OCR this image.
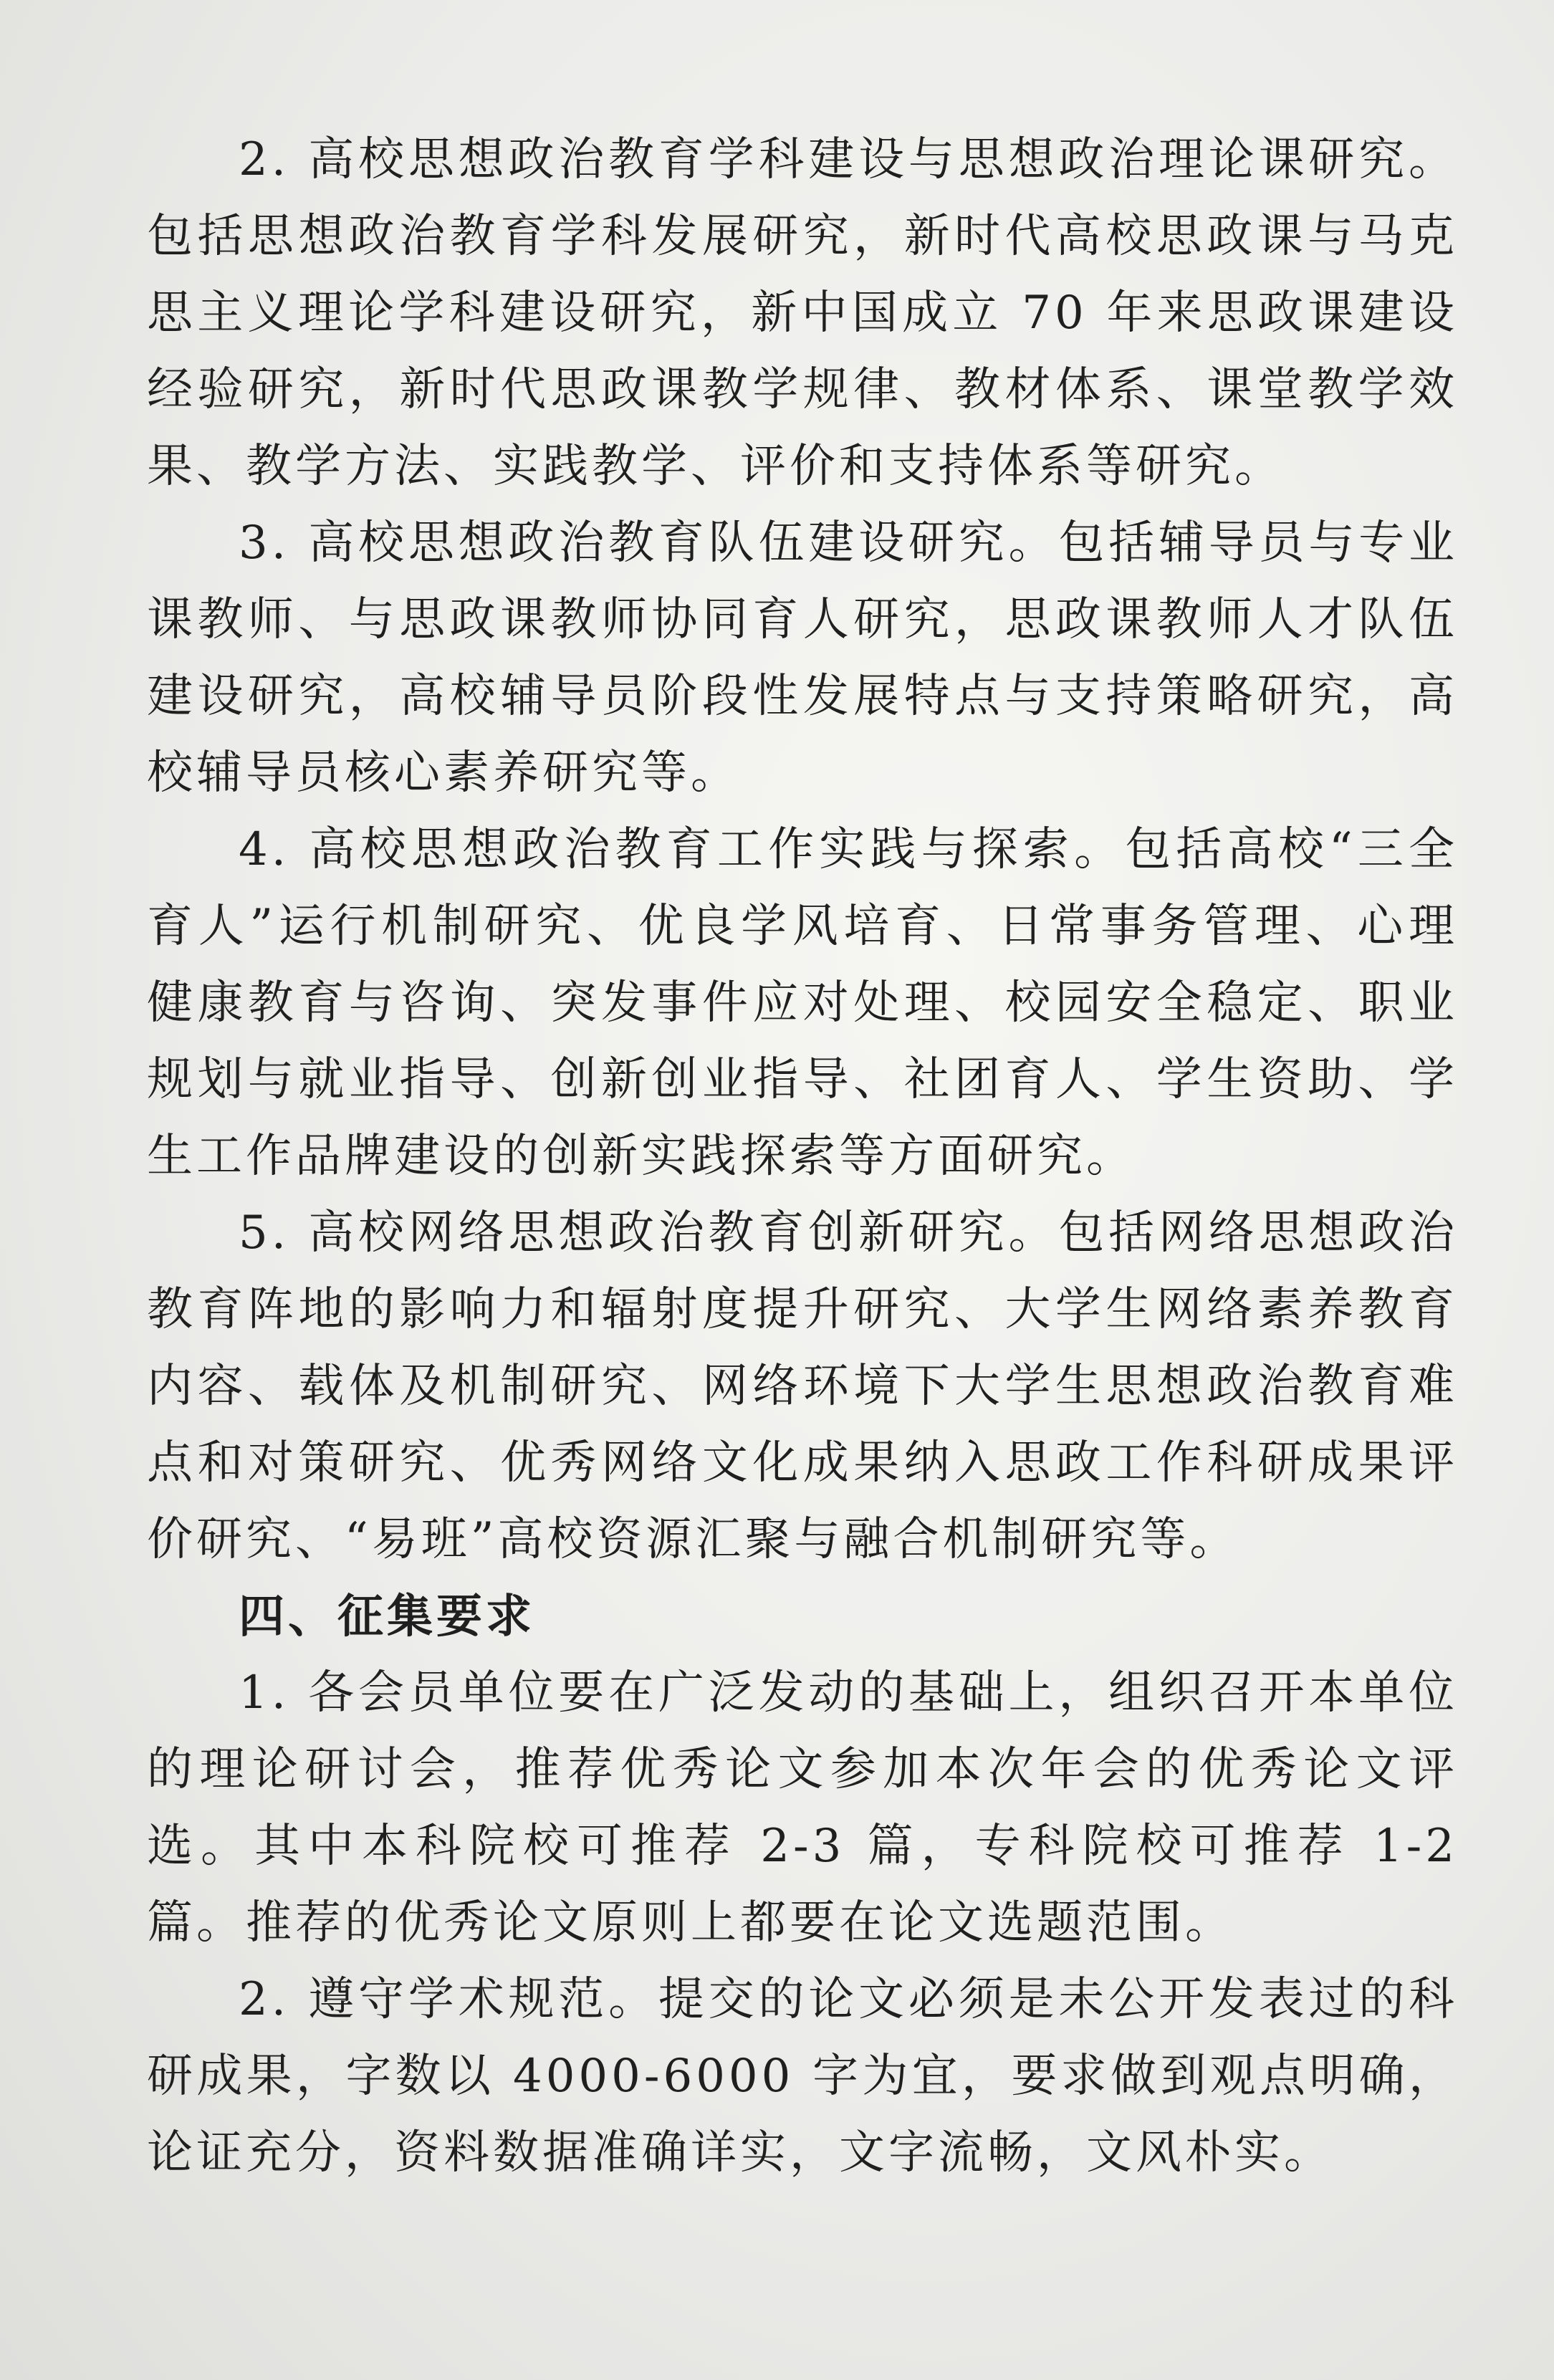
2. 高校思想政治教育学科建设与思想政治理论课研究。包括思想政治教育学科发展研究，新时代高校思政课与马克思主义理论学科建设研究，新中国成立 70 年来思政课建设经验研究，新时代思政课教学规律、教材体系、课堂教学效果、教学方法、实践教学、评价和支持体系等研究。

3. 高校思想政治教育队伍建设研究。包括辅导员与专业课教师、与思政课教师协同育人研究，思政课教师人才队伍建设研究，高校辅导员阶段性发展特点与支持策略研究，高校辅导员核心素养研究等。

4. 高校思想政治教育工作实践与探索。包括高校“三全育人”运行机制研究、优良学风培育、日常事务管理、心理健康教育与咨询、突发事件应对处理、校园安全稳定、职业规划与就业指导、创新创业指导、社团育人、学生资助、学生工作品牌建设的创新实践探索等方面研究。

5. 高校网络思想政治教育创新研究。包括网络思想政治教育阵地的影响力和辐射度提升研究、大学生网络素养教育内容、载体及机制研究、网络环境下大学生思想政治教育难点和对策研究、优秀网络文化成果纳入思政工作科研成果评价研究、“易班”高校资源汇聚与融合机制研究等。

四、征集要求

1. 各会员单位要在广泛发动的基础上，组织召开本单位的理论研讨会，推荐优秀论文参加本次年会的优秀论文评选。其中本科院校可推荐 2-3 篇，专科院校可推荐 1-2 篇。推荐的优秀论文原则上都要在论文选题范围。

2. 遵守学术规范。提交的论文必须是未公开发表过的科研成果，字数以 4000-6000 字为宜，要求做到观点明确，论证充分，资料数据准确详实，文字流畅，文风朴实。
